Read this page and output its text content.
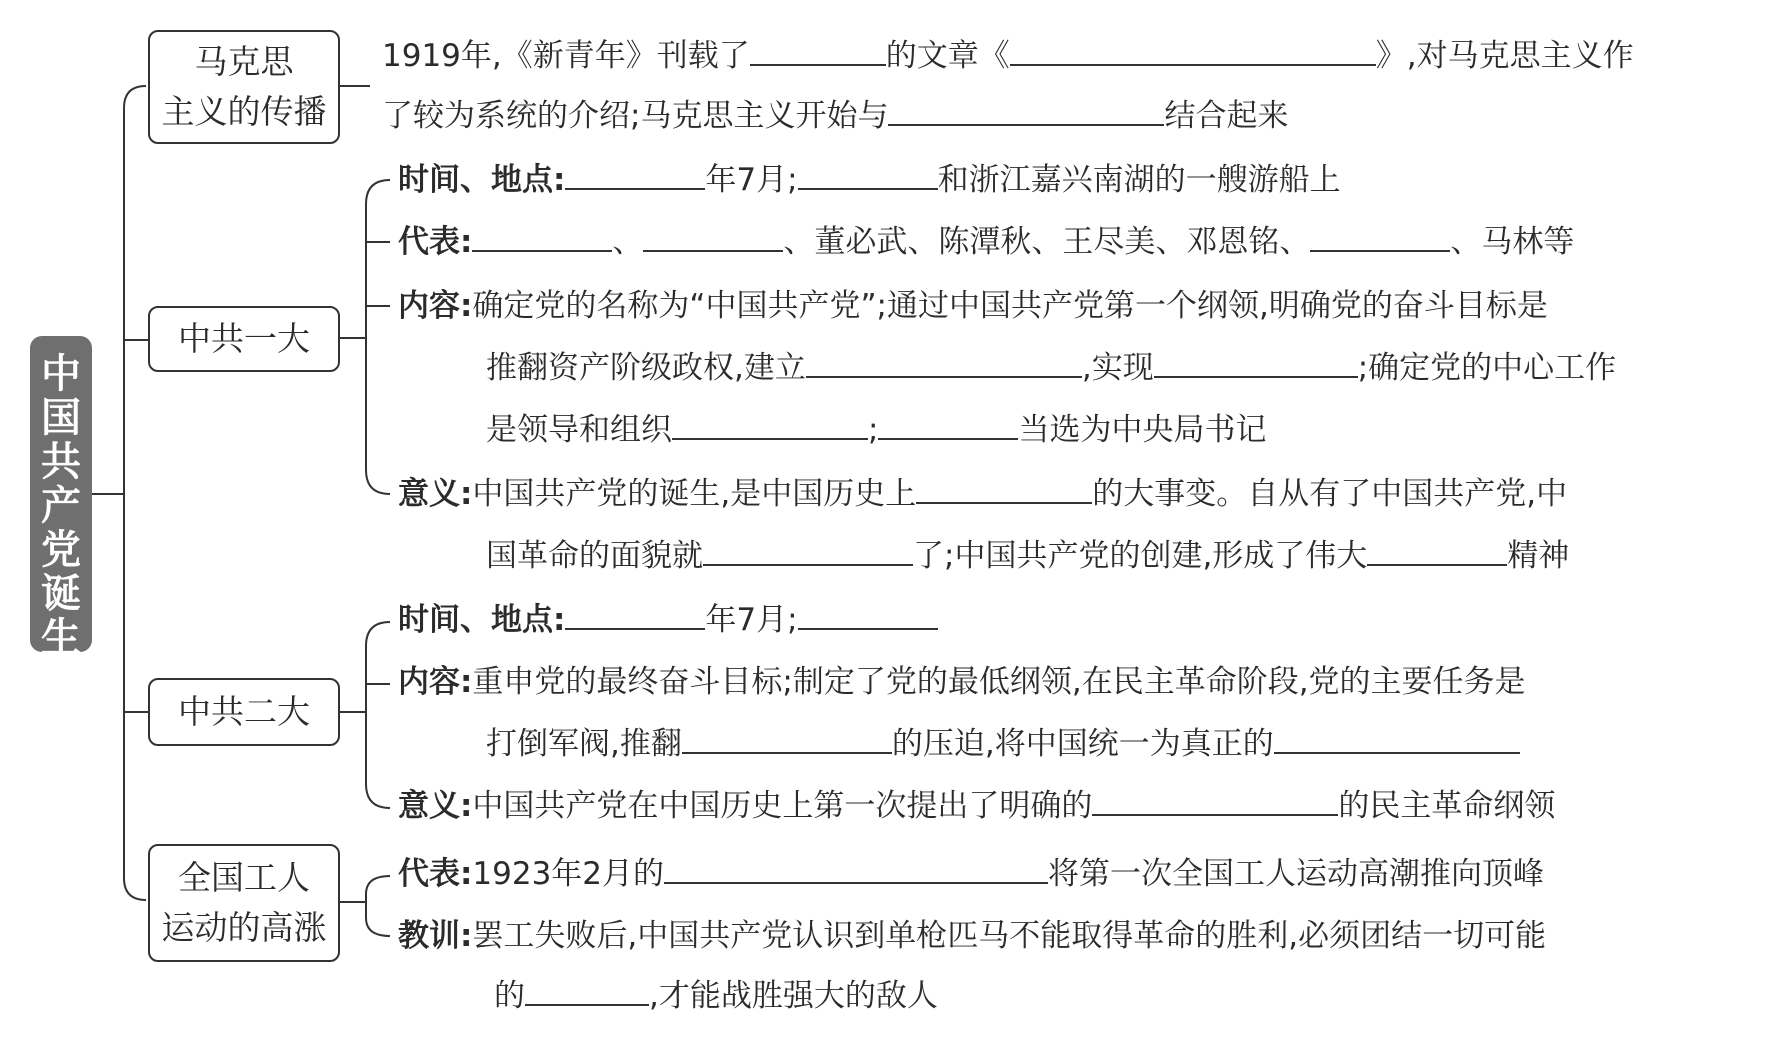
中国共产党诞生
马克思
主义的传播
中共一大
中共二大
全国工人
运动的高涨
1919年,《新青年》刊载了	的文章《	》,对马克思主义作
了较为系统的介绍;马克思主义开始与	结合起来
时间、地点:	年7月;	和浙江嘉兴南湖的一艘游船上
代表:	、	、董必武、陈潭秋、王尽美、邓恩铭、	、马林等
内容:确定党的名称为“中国共产党”;通过中国共产党第一个纲领,明确党的奋斗目标是
推翻资产阶级政权,建立	,实现	;确定党的中心工作
是领导和组织	;	当选为中央局书记
意义:中国共产党的诞生,是中国历史上	的大事变。自从有了中国共产党,中
国革命的面貌就	了;中国共产党的创建,形成了伟大	精神
时间、地点:	年7月;
内容:重申党的最终奋斗目标;制定了党的最低纲领,在民主革命阶段,党的主要任务是
打倒军阀,推翻	的压迫,将中国统一为真正的
意义:中国共产党在中国历史上第一次提出了明确的	的民主革命纲领
代表:1923年2月的	将第一次全国工人运动高潮推向顶峰
教训:罢工失败后,中国共产党认识到单枪匹马不能取得革命的胜利,必须团结一切可能
的	,才能战胜强大的敌人
